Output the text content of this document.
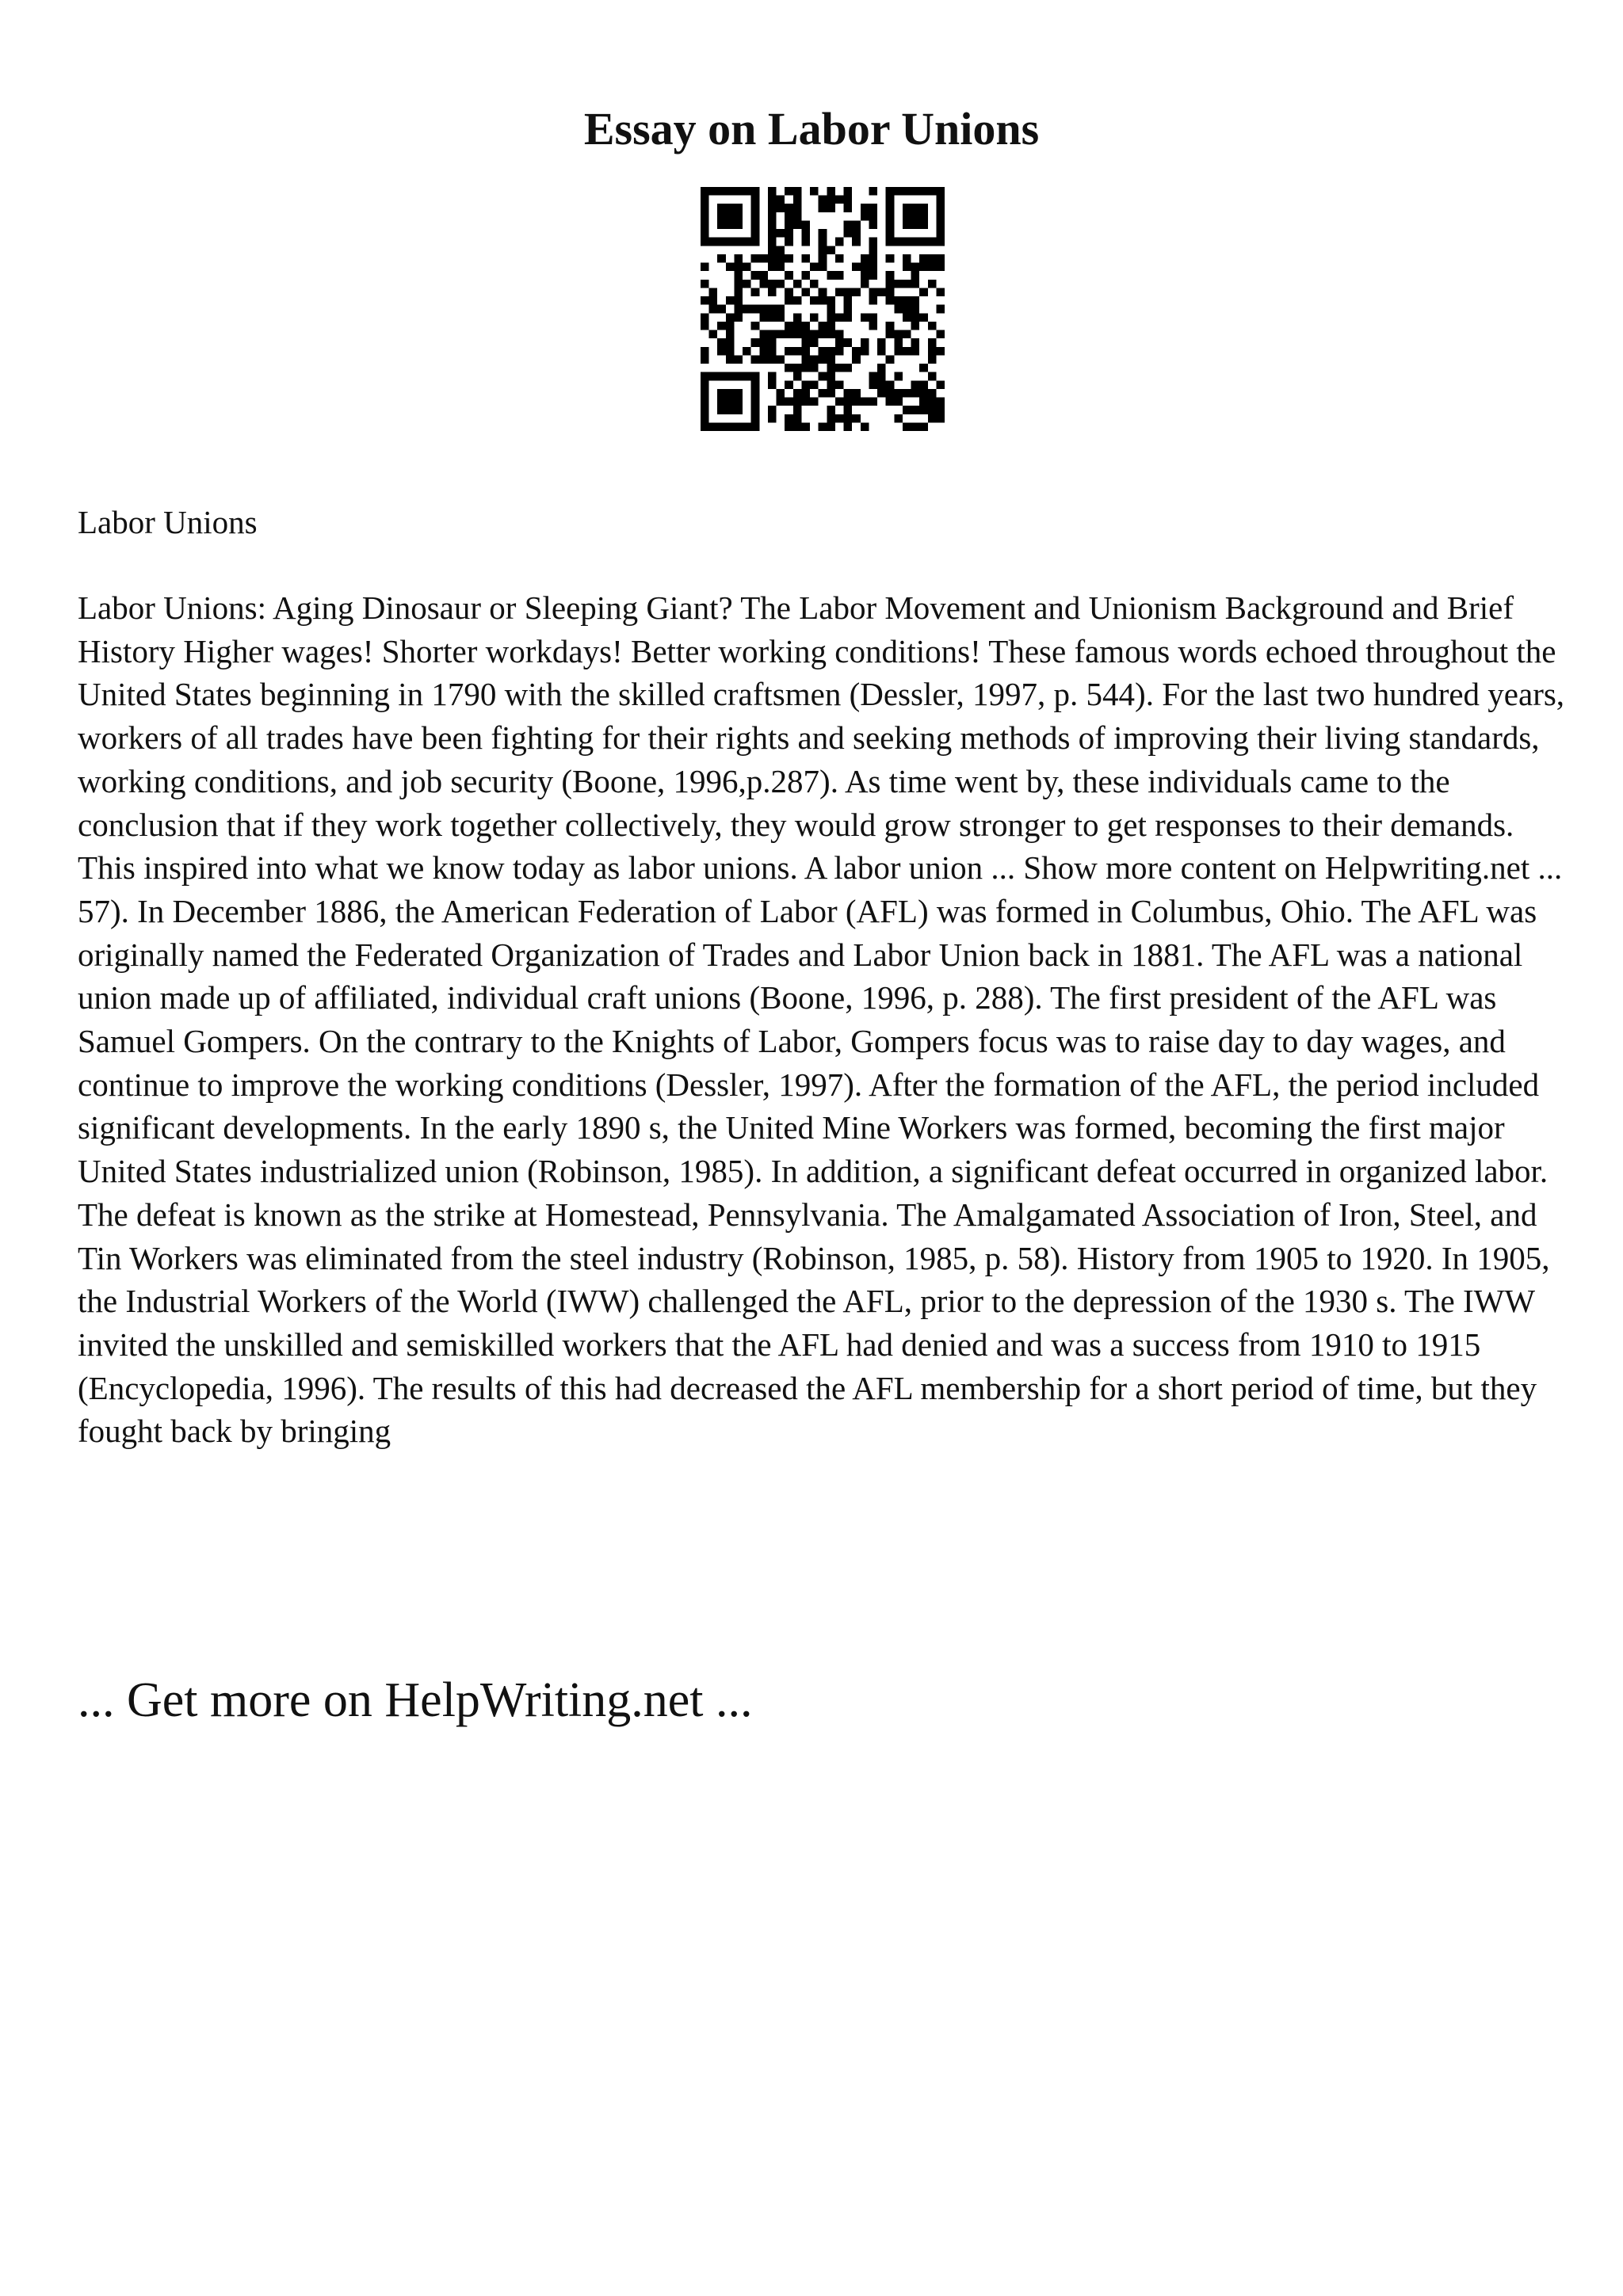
Essay on Labor Unions
Labor Unions

Labor Unions: Aging Dinosaur or Sleeping Giant? The Labor Movement and Unionism Background and Brief History Higher wages! Shorter workdays! Better working conditions! These famous words echoed throughout the United States beginning in 1790 with the skilled craftsmen (Dessler, 1997, p. 544). For the last two hundred years, workers of all trades have been fighting for their rights and seeking methods of improving their living standards, working conditions, and job security (Boone, 1996,p.287). As time went by, these individuals came to the conclusion that if they work together collectively, they would grow stronger to get responses to their demands. This inspired into what we know today as labor unions. A labor union ... Show more content on Helpwriting.net ...

57). In December 1886, the American Federation of Labor (AFL) was formed in Columbus, Ohio. The AFL was originally named the Federated Organization of Trades and Labor Union back in 1881. The AFL was a national union made up of affiliated, individual craft unions (Boone, 1996, p. 288). The first president of the AFL was Samuel Gompers. On the contrary to the Knights of Labor, Gompers focus was to raise day to day wages, and continue to improve the working conditions (Dessler, 1997). After the formation of the AFL, the period included significant developments. In the early 1890 s, the United Mine Workers was formed, becoming the first major United States industrialized union (Robinson, 1985). In addition, a significant defeat occurred in organized labor. The defeat is known as the strike at Homestead, Pennsylvania. The Amalgamated Association of Iron, Steel, and Tin Workers was eliminated from the steel industry (Robinson, 1985, p. 58). History from 1905 to 1920. In 1905, the Industrial Workers of the World (IWW) challenged the AFL, prior to the depression of the 1930 s. The IWW invited the unskilled and semiskilled workers that the AFL had denied and was a success from 1910 to 1915 (Encyclopedia, 1996). The results of this had decreased the AFL membership for a short period of time, but they fought back by bringing

... Get more on HelpWriting.net ...
